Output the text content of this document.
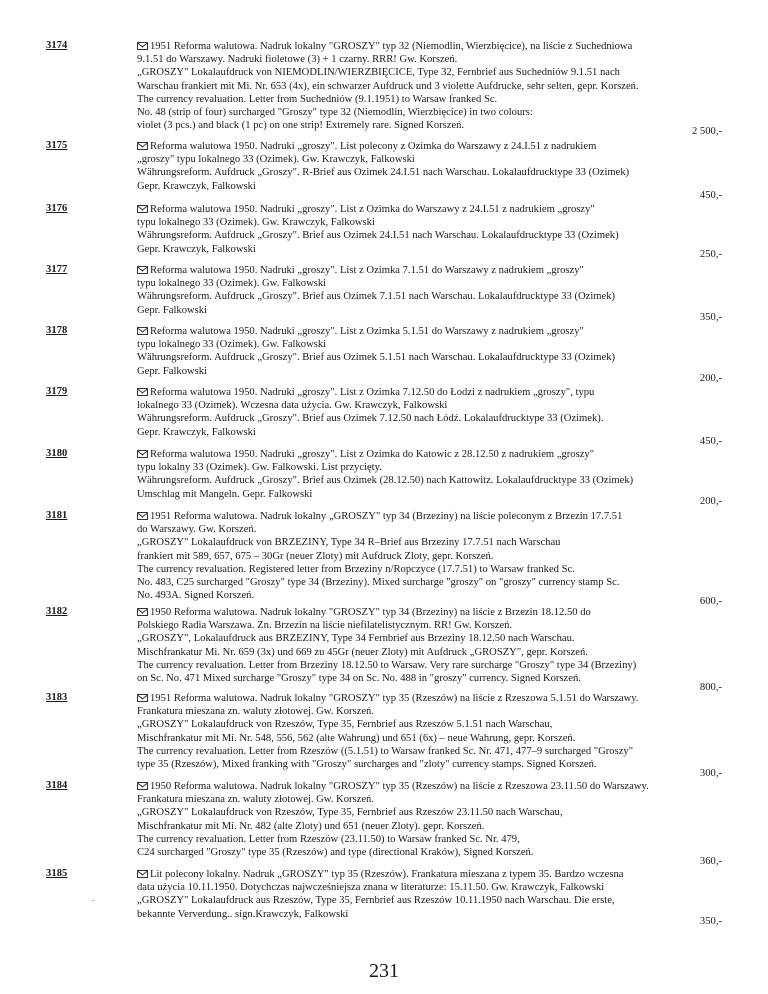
3174	1951 Reforma walutowa. Nadruk lokalny "GROSZY" typ 32 (Niemodlin, Wierzbięcice), na liście z Suchedniowa
9.1.51 do Warszawy. Nadruki fioletowe (3) + 1 czarny. RRR! Gw. Korszeń.
„GROSZY" Lokalaufdruck von NIEMODLIN/WIERZBIĘCICE, Type 32, Fernbrief aus Suchedniów 9.1.51 nach
Warschau frankiert mit Mi. Nr. 653 (4x), ein schwarzer Aufdruck und 3 violette Aufdrucke, sehr selten, gepr. Korszeń.
The currency revaluation. Letter from Suchedniów (9.1.1951) to Warsaw franked Sc.
No. 48 (strip of four) surcharged "Groszy" type 32 (Niemodlin, Wierzbięcice) in two colours:
violet (3 pcs.) and black (1 pc) on one strip! Extremely rare. Signed Korszeń.
2 500,-
3175	Reforma walutowa 1950. Nadruki „groszy". List polecony z Ozimka do Warszawy z 24.I.51 z nadrukiem
„groszy" typu lokalnego 33 (Ozimek). Gw. Krawczyk, Falkowski
Währungsreform. Aufdruck „Groszy". R-Brief aus Ozimek 24.I.51 nach Warschau. Lokalaufdrucktype 33 (Ozimek)
Gepr. Krawczyk, Falkowski
450,-
3176	Reforma walutowa 1950. Nadruki „groszy". List z Ozimka do Warszawy z 24.I.51 z nadrukiem „groszy"
typu lokalnego 33 (Ozimek). Gw. Krawczyk, Falkowski
Währungsreform. Aufdruck „Groszy". Brief aus Ozimek 24.I.51 nach Warschau. Lokalaufdrucktype 33 (Ozimek)
Gepr. Krawczyk, Falkowski	250,-
3177	Reforma walutowa 1950. Nadruki „groszy". List z Ozimka 7.1.51 do Warszawy z nadrukiem „groszy"
typu lokalnego 33 (Ozimek). Gw. Falkowski
Währungsreform. Aufdruck „Groszy". Brief aus Ozimek 7.1.51 nach Warschau. Lokalaufdrucktype 33 (Ozimek)
Gepr. Falkowski
350,-
3178	Reforma walutowa 1950. Nadruki „groszy". List z Ozimka 5.1.51 do Warszawy z nadrukiem „groszy"
typu lokalnego 33 (Ozimek). Gw. Falkowski
Währungsreform. Aufdruck „Groszy". Brief aus Ozimek 5.1.51 nach Warschau. Lokalaufdrucktype 33 (Ozimek)
Gepr. Falkowski
200,-
3179	Reforma walutowa 1950. Nadruki „groszy". List z Ozimka 7.12.50 do Łodzi z nadrukiem „groszy", typu
lokalnego 33 (Ozimek). Wczesna data użycia. Gw. Krawczyk, Falkowski
Währungsreform. Aufdruck „Groszy". Brief aus Ozimek 7.12.50 nach Łódź. Lokalaufdrucktype 33 (Ozimek).
Gepr. Krawczyk, Falkowski
450,-
3180	Reforma walutowa 1950. Nadruki „groszy". List z Ozimka do Katowic z 28.12.50 z nadrukiem „groszy"
typu lokalny 33 (Ozimek). Gw. Falkowski. List przycięty.
Währungsreform. Aufdruck „Groszy". Brief aus Ozimek (28.12.50) nach Kattowitz. Lokalaufdrucktype 33 (Ozimek)
Umschlag mit Mangeln. Gepr. Falkowski
200,-
3181	1951 Reforma walutowa. Nadruk lokalny „GROSZY" typ 34 (Brzeziny) na liście poleconym z Brzezin 17.7.51
do Warszawy. Gw. Korszeń.
„GROSZY" Lokalaufdruck von BRZEZINY, Type 34 R–Brief aus Brzeziny 17.7.51 nach Warschau
frankiert mit 589, 657, 675 – 30Gr (neuer Zloty) mit Aufdruck Zloty, gepr. Korszeń.
The currency revaluation. Registered letter from Brzeziny n/Ropczyce (17.7.51) to Warsaw franked Sc.
No. 483, C25 surcharged "Groszy" type 34 (Brzeziny). Mixed surcharge "groszy" on "groszy" currency stamp Sc.
No. 493A. Signed Korszeń.
600,-
3182	1950 Reforma walutowa. Nadruk lokalny "GROSZY" typ 34 (Brzeziny) na liście z Brzezin 18.12.50 do
Polskiego Radia Warszawa. Zn. Brzezin na liście niefilatelistycznym. RR! Gw. Korszeń.
„GROSZY", Lokalaufdruck aus BRZEZINY, Type 34 Fernbrief aus Brzeziny 18.12.50 nach Warschau.
Mischfrankatur Mi. Nr. 659 (3x) und 669 zu 45Gr (neuer Zloty) mit Aufdruck „GROSZY", gepr. Korszeń.
The currency revaluation. Letter from Brzeziny 18.12.50 to Warsaw. Very rare surcharge "Groszy" type 34 (Brzeziny)
on Sc. No. 471 Mixed surcharge "Groszy" type 34 on Sc. No. 488 in "groszy" currency. Signed Korszeń.
800,-
3183	1951 Reforma walutowa. Nadruk lokalny "GROSZY" typ 35 (Rzeszów) na liście z Rzeszowa 5.1.51 do Warszawy.
Frankatura mieszana zn. waluty złotowej. Gw. Korszeń.
„GROSZY" Lokalaufdruck von Rzeszów, Type 35, Fernbrief aus Rzeszów 5.1.51 nach Warschau,
Mischfrankatur mit Mi. Nr. 548, 556, 562 (alte Wahrung) und 651 (6x) – neue Wahrung, gepr. Korszeń.
The currency revaluation. Letter from Rzeszów ((5.1.51) to Warsaw franked Sc. Nr. 471, 477–9 surcharged "Groszy"
type 35 (Rzeszów), Mixed franking with "Groszy" surcharges and "zloty" currency stamps. Signed Korszeń.
300,-
3184	1950 Reforma walutowa. Nadruk lokalny "GROSZY" typ 35 (Rzeszów) na liście z Rzeszowa 23.11.50 do Warszawy.
Frankatura mieszana zn. waluty złotowej. Gw. Korszeń.
„GROSZY" Lokalaufdruck von Rzeszów, Type 35, Fernbrief aus Rzeszów 23.11.50 nach Warschau,
Mischfrankatur mit Mi. Nr. 482 (alte Zloty) und 651 (neuer Zloty). gepr. Korszeń.
The currency revaluation. Letter from Rzeszów (23.11.50) to Warsaw franked Sc. Nr. 479,
C24 surcharged "Groszy" type 35 (Rzeszów) and type (directional Kraków), Signed Korszeń.
360,-
3185	Lit polecony lokalny. Nadruk „GROSZY" typ 35 (Rzeszów). Frankatura mieszana z typem 35. Bardzo wczesna
data użycia 10.11.1950. Dotychczas najwcześniejsza znana w literaturze: 15.11.50. Gw. Krawczyk, Falkowski
„GROSZY" Lokalaufdruck aus Rzeszów, Type 35, Fernbrief aus Rzeszów 10.11.1950 nach Warschau. Die erste,
bekannte Ververdung.. sign.Krawczyk, Falkowski
350,-
.
231
